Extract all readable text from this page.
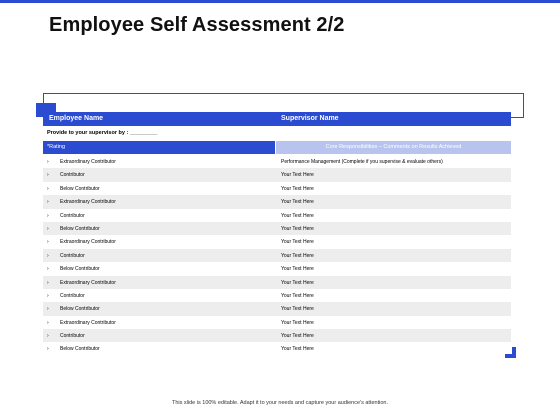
Employee Self Assessment 2/2
Employee Name	Supervisor Name
Provide to your supervisor by : _________
*Rating	Core Responsibilities – Comments on Results Achieved
› Extraordinary Contributor	Performance Management (Complete if you supervise & evaluate others)
› Contributor	Your Text Here
› Below Contributor	Your Text Here
› Extraordinary Contributor	Your Text Here
› Contributor	Your Text Here
› Below Contributor	Your Text Here
› Extraordinary Contributor	Your Text Here
› Contributor	Your Text Here
› Below Contributor	Your Text Here
› Extraordinary Contributor	Your Text Here
› Contributor	Your Text Here
› Below Contributor	Your Text Here
› Extraordinary Contributor	Your Text Here
› Contributor	Your Text Here
› Below Contributor	Your Text Here
This slide is 100% editable. Adapt it to your needs and capture your audience's attention.
